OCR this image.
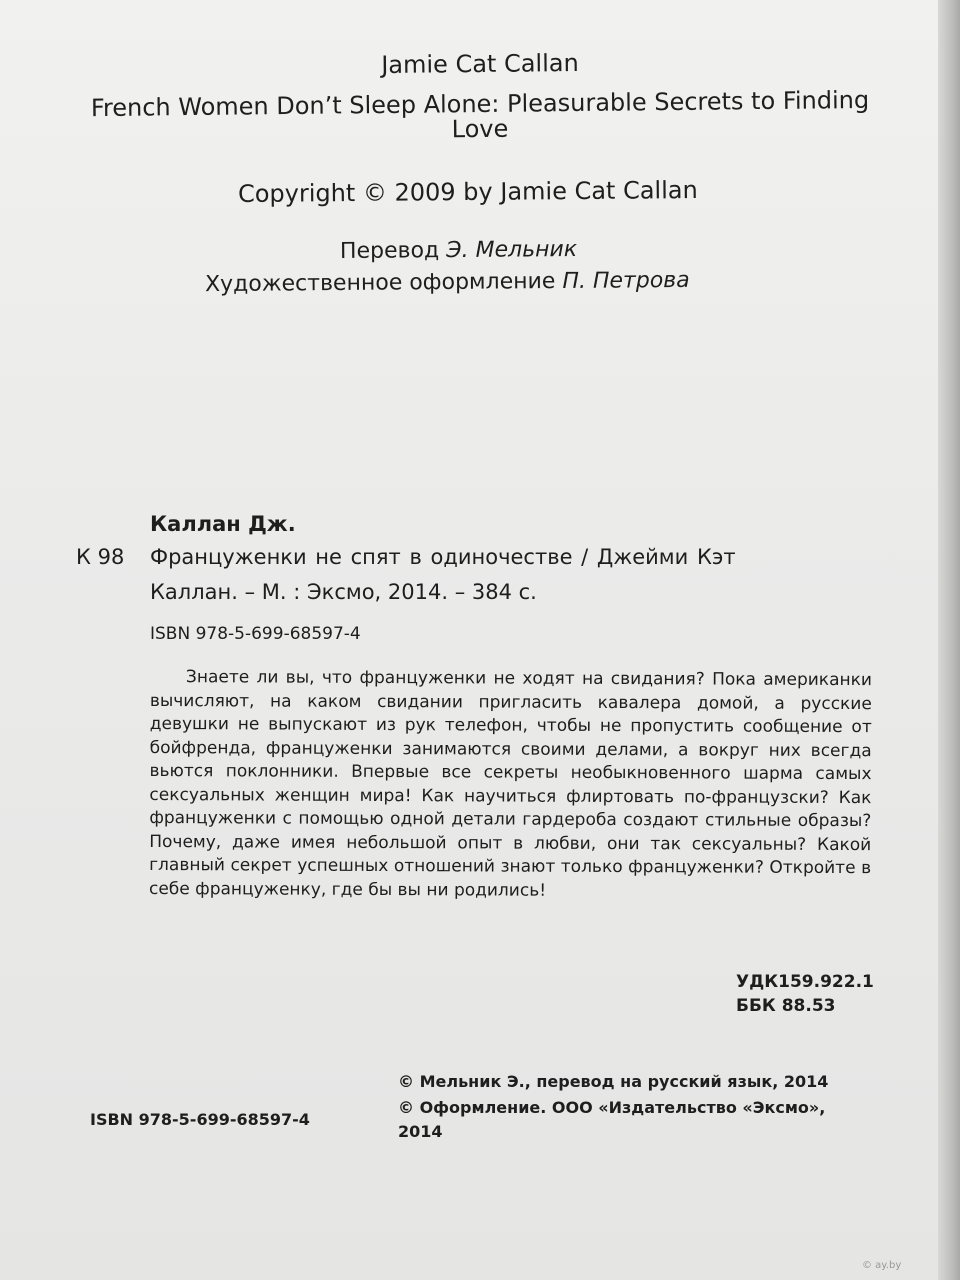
Jamie Cat Callan
French Women Don’t Sleep Alone: Pleasurable Secrets to Finding
Love
Copyright © 2009 by Jamie Cat Callan
Перевод Э. Мельник
Художественное оформление П. Петрова
Каллан Дж.
К 98 Француженки не спят в одиночестве / Джейми Кэт
Каллан. – М. : Эксмо, 2014. – 384 с.
ISBN 978-5-699-68597-4
Знаете ли вы, что француженки не ходят на свидания? Пока американки вычисляют, на каком свидании пригласить кавалера домой, а русские девушки не выпускают из рук телефон, чтобы не пропустить сообщение от бойфренда, француженки занимаются своими делами, а вокруг них всегда вьются поклонники. Впервые все секреты необыкновенного шарма самых сексуальных женщин мира! Как научиться флиртовать по-французски? Как француженки с помощью одной детали гардероба создают стильные образы? Почему, даже имея небольшой опыт в любви, они так сексуальны? Какой главный секрет успешных отношений знают только француженки? Откройте в себе француженку, где бы вы ни родились!
УДК159.922.1
ББК 88.53
ISBN 978-5-699-68597-4
© Мельник Э., перевод на русский язык, 2014
© Оформление. ООО «Издательство «Эксмо»,
2014
© ay.by
